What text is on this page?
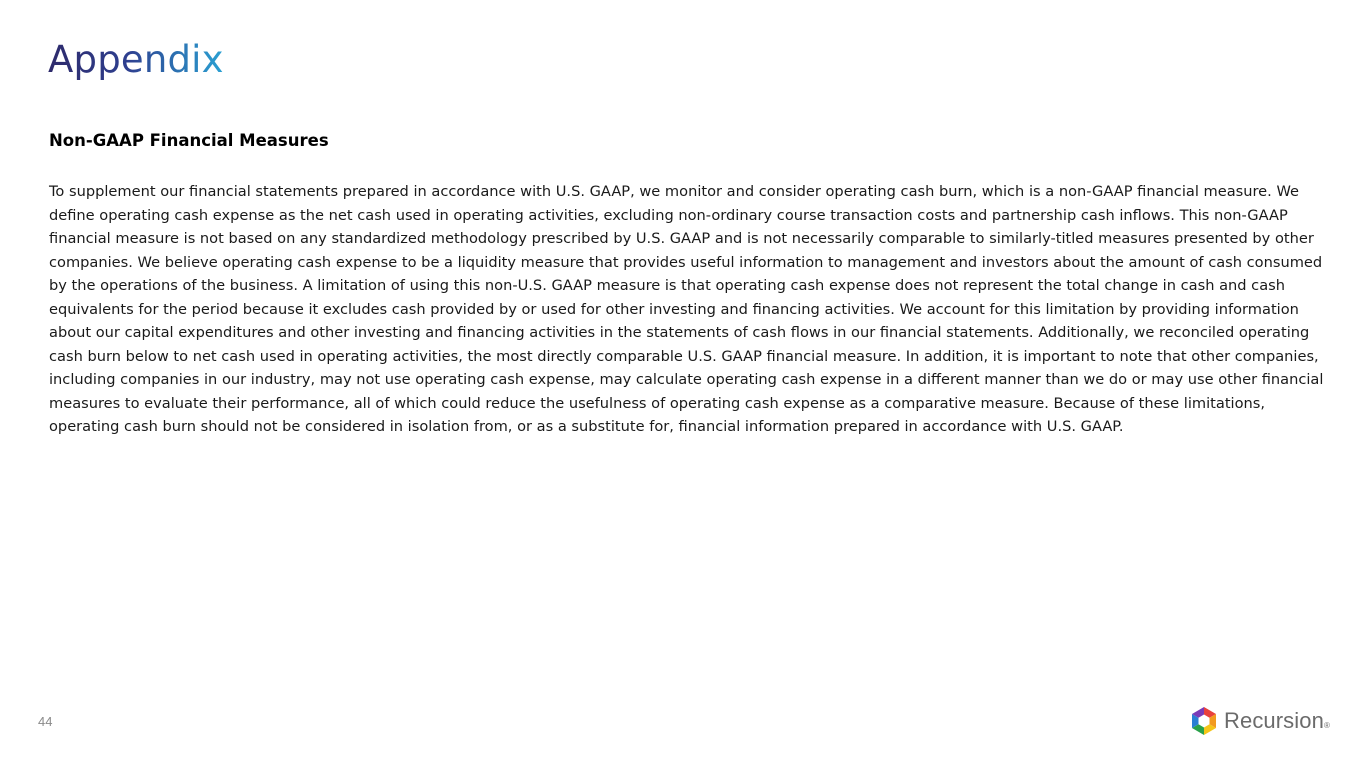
Appendix
Non-GAAP Financial Measures

To supplement our financial statements prepared in accordance with U.S. GAAP, we monitor and consider operating cash burn, which is a non-GAAP financial measure. We define operating cash expense as the net cash used in operating activities, excluding non-ordinary course transaction costs and partnership cash inflows. This non-GAAP financial measure is not based on any standardized methodology prescribed by U.S. GAAP and is not necessarily comparable to similarly-titled measures presented by other companies. We believe operating cash expense to be a liquidity measure that provides useful information to management and investors about the amount of cash consumed by the operations of the business. A limitation of using this non-U.S. GAAP measure is that operating cash expense does not represent the total change in cash and cash equivalents for the period because it excludes cash provided by or used for other investing and financing activities. We account for this limitation by providing information about our capital expenditures and other investing and financing activities in the statements of cash flows in our financial statements. Additionally, we reconciled operating cash burn below to net cash used in operating activities, the most directly comparable U.S. GAAP financial measure. In addition, it is important to note that other companies, including companies in our industry, may not use operating cash expense, may calculate operating cash expense in a different manner than we do or may use other financial measures to evaluate their performance, all of which could reduce the usefulness of operating cash expense as a comparative measure. Because of these limitations, operating cash burn should not be considered in isolation from, or as a substitute for, financial information prepared in accordance with U.S. GAAP.

44	Recursion ®
